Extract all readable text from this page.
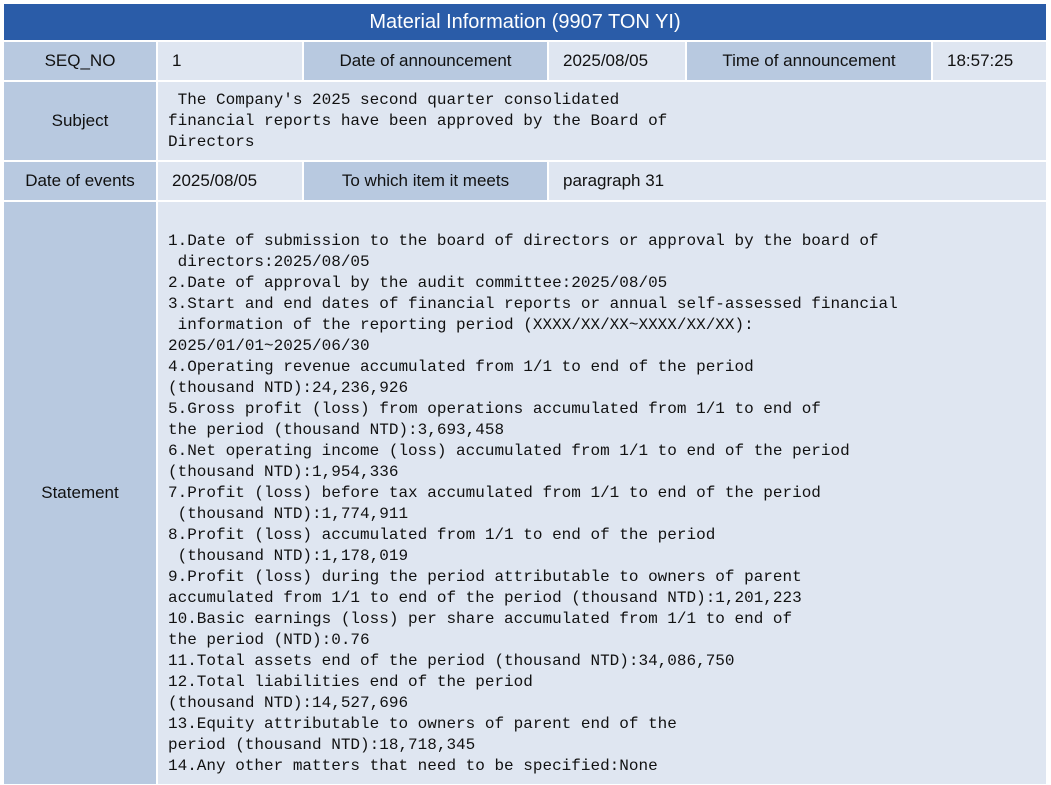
Material Information (9907 TON YI)
SEQ_NO	1	Date of announcement	2025/08/05	Time of announcement	18:57:25
Subject
The Company's 2025 second quarter consolidated
financial reports have been approved by the Board of
Directors
Date of events	2025/08/05	To which item it meets	paragraph 31
Statement
1.Date of submission to the board of directors or approval by the board of
directors:2025/08/05
2.Date of approval by the audit committee:2025/08/05
3.Start and end dates of financial reports or annual self-assessed financial
information of the reporting period (XXXX/XX/XX~XXXX/XX/XX):
2025/01/01~2025/06/30
4.Operating revenue accumulated from 1/1 to end of the period
(thousand NTD):24,236,926
5.Gross profit (loss) from operations accumulated from 1/1 to end of
the period (thousand NTD):3,693,458
6.Net operating income (loss) accumulated from 1/1 to end of the period
(thousand NTD):1,954,336
7.Profit (loss) before tax accumulated from 1/1 to end of the period
(thousand NTD):1,774,911
8.Profit (loss) accumulated from 1/1 to end of the period
(thousand NTD):1,178,019
9.Profit (loss) during the period attributable to owners of parent
accumulated from 1/1 to end of the period (thousand NTD):1,201,223
10.Basic earnings (loss) per share accumulated from 1/1 to end of
the period (NTD):0.76
11.Total assets end of the period (thousand NTD):34,086,750
12.Total liabilities end of the period
(thousand NTD):14,527,696
13.Equity attributable to owners of parent end of the
period (thousand NTD):18,718,345
14.Any other matters that need to be specified:None
